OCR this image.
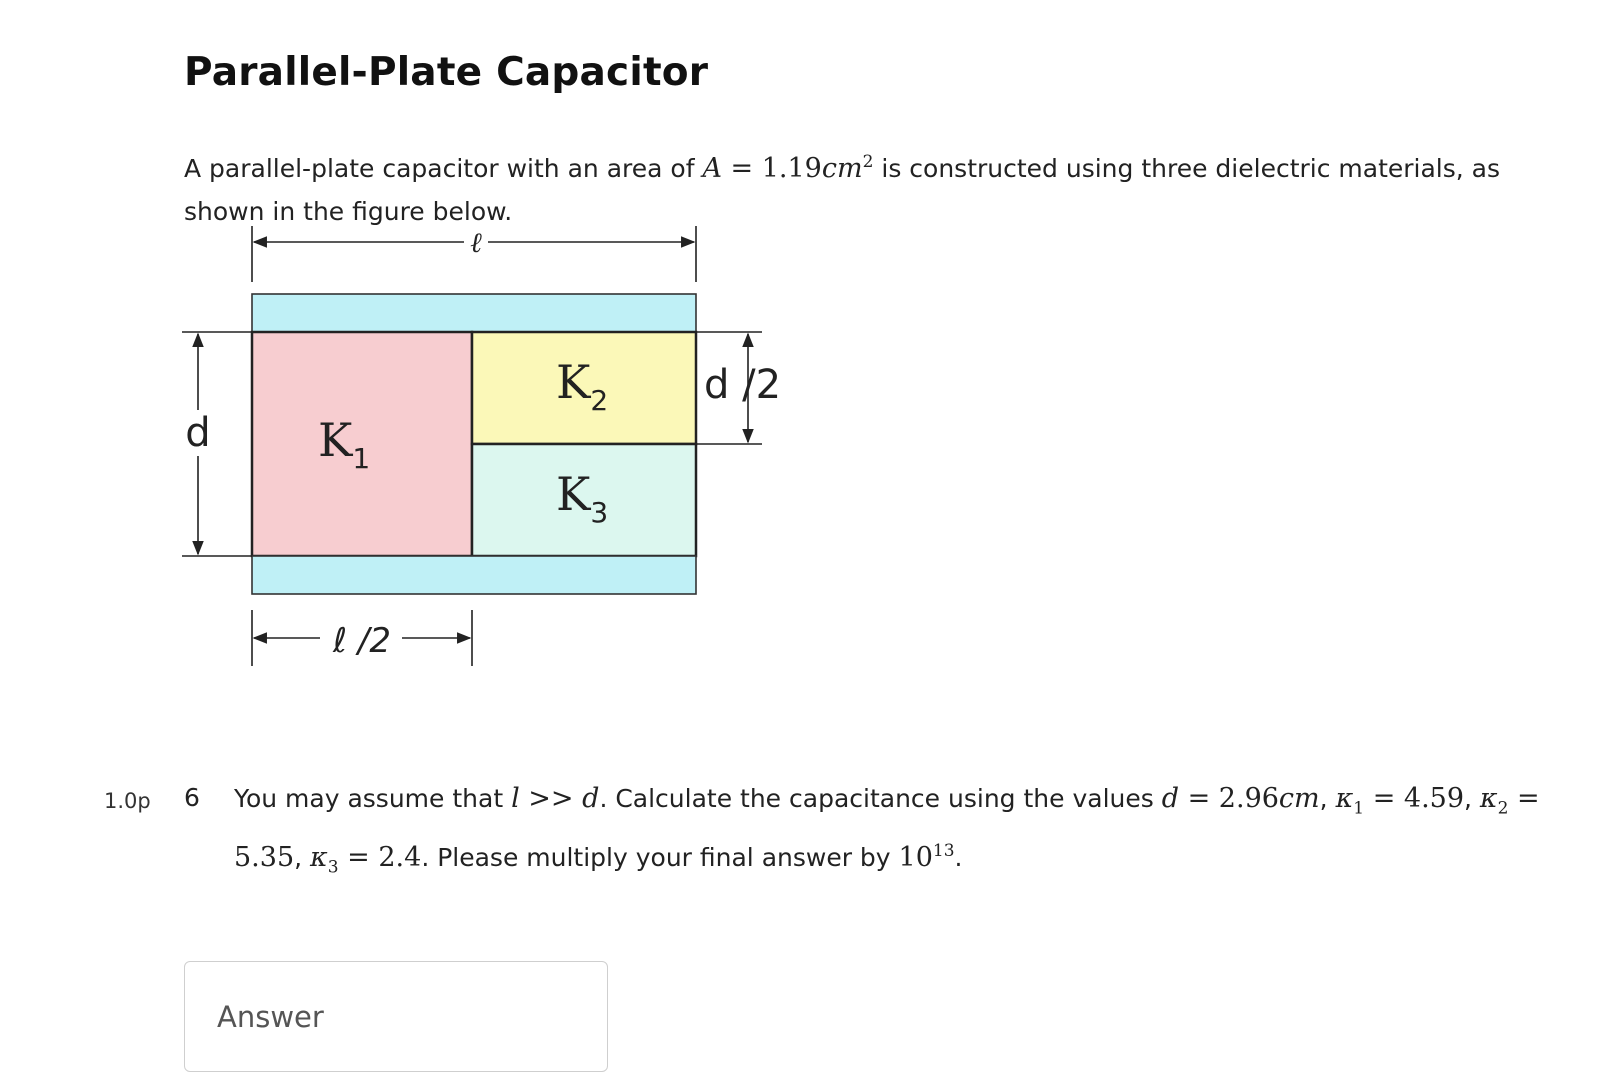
Parallel-Plate Capacitor

A parallel-plate capacitor with an area of $A = 1.19cm^2$ is constructed using three dielectric materials, as shown in the figure below.

ℓ
$K_1$
$K_2$
$K_3$
d
d /2
ℓ /2
1.0p 6 You may assume that l >> d. Calculate the capacitance using the values d = 2.96cm, $\kappa_1 = 4.59$, $\kappa_2 = 5.35$, $\kappa_3 = 2.4$. Please multiply your final answer by $10^{13}$.

Answer
